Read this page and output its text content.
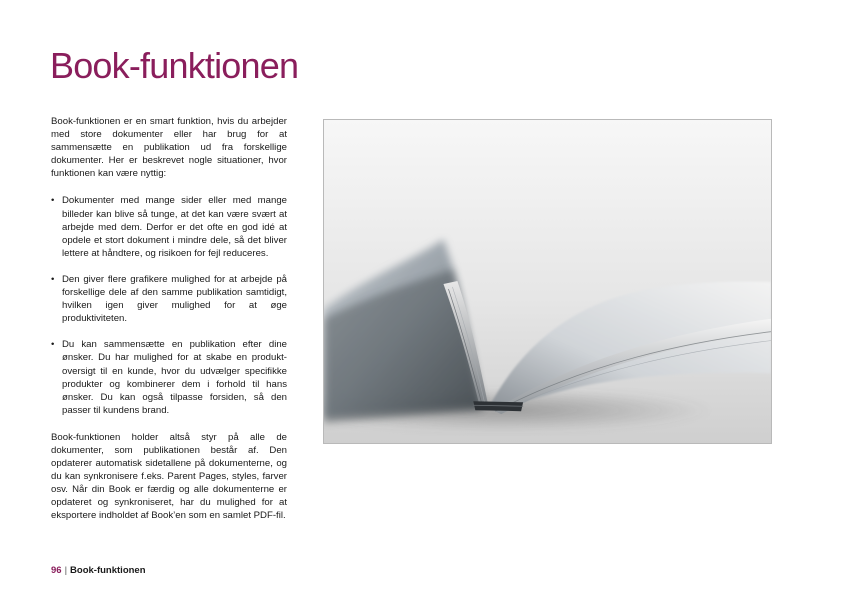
Book-funktionen

Book-funktionen er en smart funktion, hvis du arbejder med store dokumenter eller har brug for at sammensætte en publikation ud fra forskellige dokumenter. Her er beskrevet nogle situationer, hvor funktionen kan være nyttig:

• Dokumenter med mange sider eller med mange billeder kan blive så tunge, at det kan være svært at arbejde med dem. Derfor er det ofte en god idé at opdele et stort dokument i mindre dele, så det bliver lettere at håndtere, og risikoen for fejl reduceres.
• Den giver flere grafikere mulighed for at arbejde på forskellige dele af den samme publikation samtidigt, hvilken igen giver mulighed for at øge produktiviteten.
• Du kan sammensætte en publikation efter dine ønsker. Du har mulighed for at skabe en produkt-oversigt til en kunde, hvor du udvælger specifikke produkter og kombinerer dem i forhold til hans ønsker. Du kan også tilpasse forsiden, så den passer til kundens brand.

Book-funktionen holder altså styr på alle de dokumenter, som publikationen består af. Den opdaterer automatisk sidetallene på dokumenterne, og du kan synkronisere f.eks. Parent Pages, styles, farver osv. Når din Book er færdig og alle dokumenterne er opdateret og synkroniseret, har du mulighed for at eksportere indholdet af Book’en som en samlet PDF-fil.

96 | Book-funktionen
